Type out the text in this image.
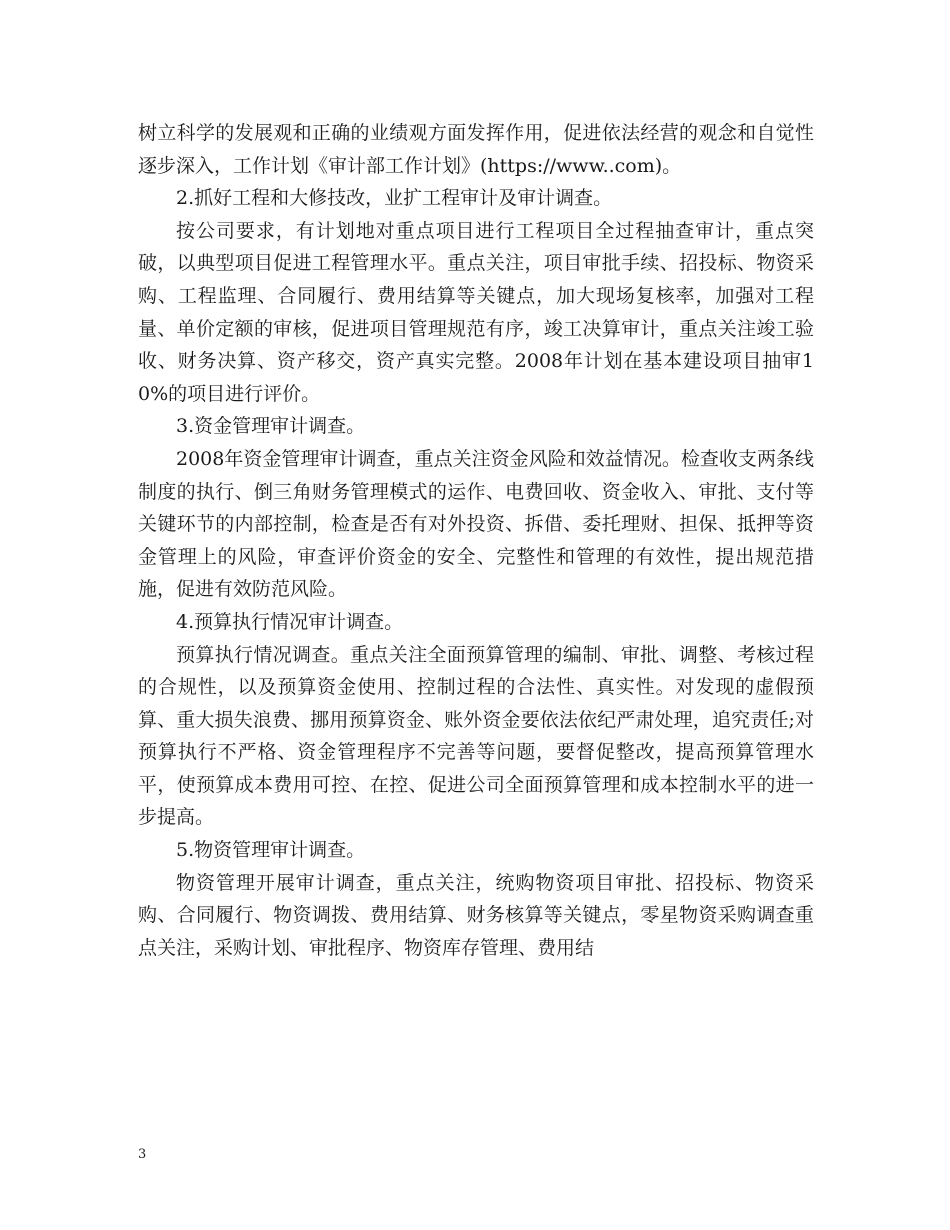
树立科学的发展观和正确的业绩观方面发挥作用，促进依法经营的观念和自觉性逐步深入，工作计划《审计部工作计划》(https://www..com)。

2.抓好工程和大修技改，业扩工程审计及审计调查。

按公司要求，有计划地对重点项目进行工程项目全过程抽查审计，重点突破，以典型项目促进工程管理水平。重点关注，项目审批手续、招投标、物资采购、工程监理、合同履行、费用结算等关键点，加大现场复核率，加强对工程量、单价定额的审核，促进项目管理规范有序，竣工决算审计，重点关注竣工验收、财务决算、资产移交，资产真实完整。2008年计划在基本建设项目抽审10%的项目进行评价。

3.资金管理审计调查。

2008年资金管理审计调查，重点关注资金风险和效益情况。检查收支两条线制度的执行、倒三角财务管理模式的运作、电费回收、资金收入、审批、支付等关键环节的内部控制，检查是否有对外投资、拆借、委托理财、担保、抵押等资金管理上的风险，审查评价资金的安全、完整性和管理的有效性，提出规范措施，促进有效防范风险。

4.预算执行情况审计调查。

预算执行情况调查。重点关注全面预算管理的编制、审批、调整、考核过程的合规性，以及预算资金使用、控制过程的合法性、真实性。对发现的虚假预算、重大损失浪费、挪用预算资金、账外资金要依法依纪严肃处理，追究责任;对预算执行不严格、资金管理程序不完善等问题，要督促整改，提高预算管理水平，使预算成本费用可控、在控、促进公司全面预算管理和成本控制水平的进一步提高。

5.物资管理审计调查。

物资管理开展审计调查，重点关注，统购物资项目审批、招投标、物资采购、合同履行、物资调拨、费用结算、财务核算等关键点，零星物资采购调查重点关注，采购计划、审批程序、物资库存管理、费用结

3
